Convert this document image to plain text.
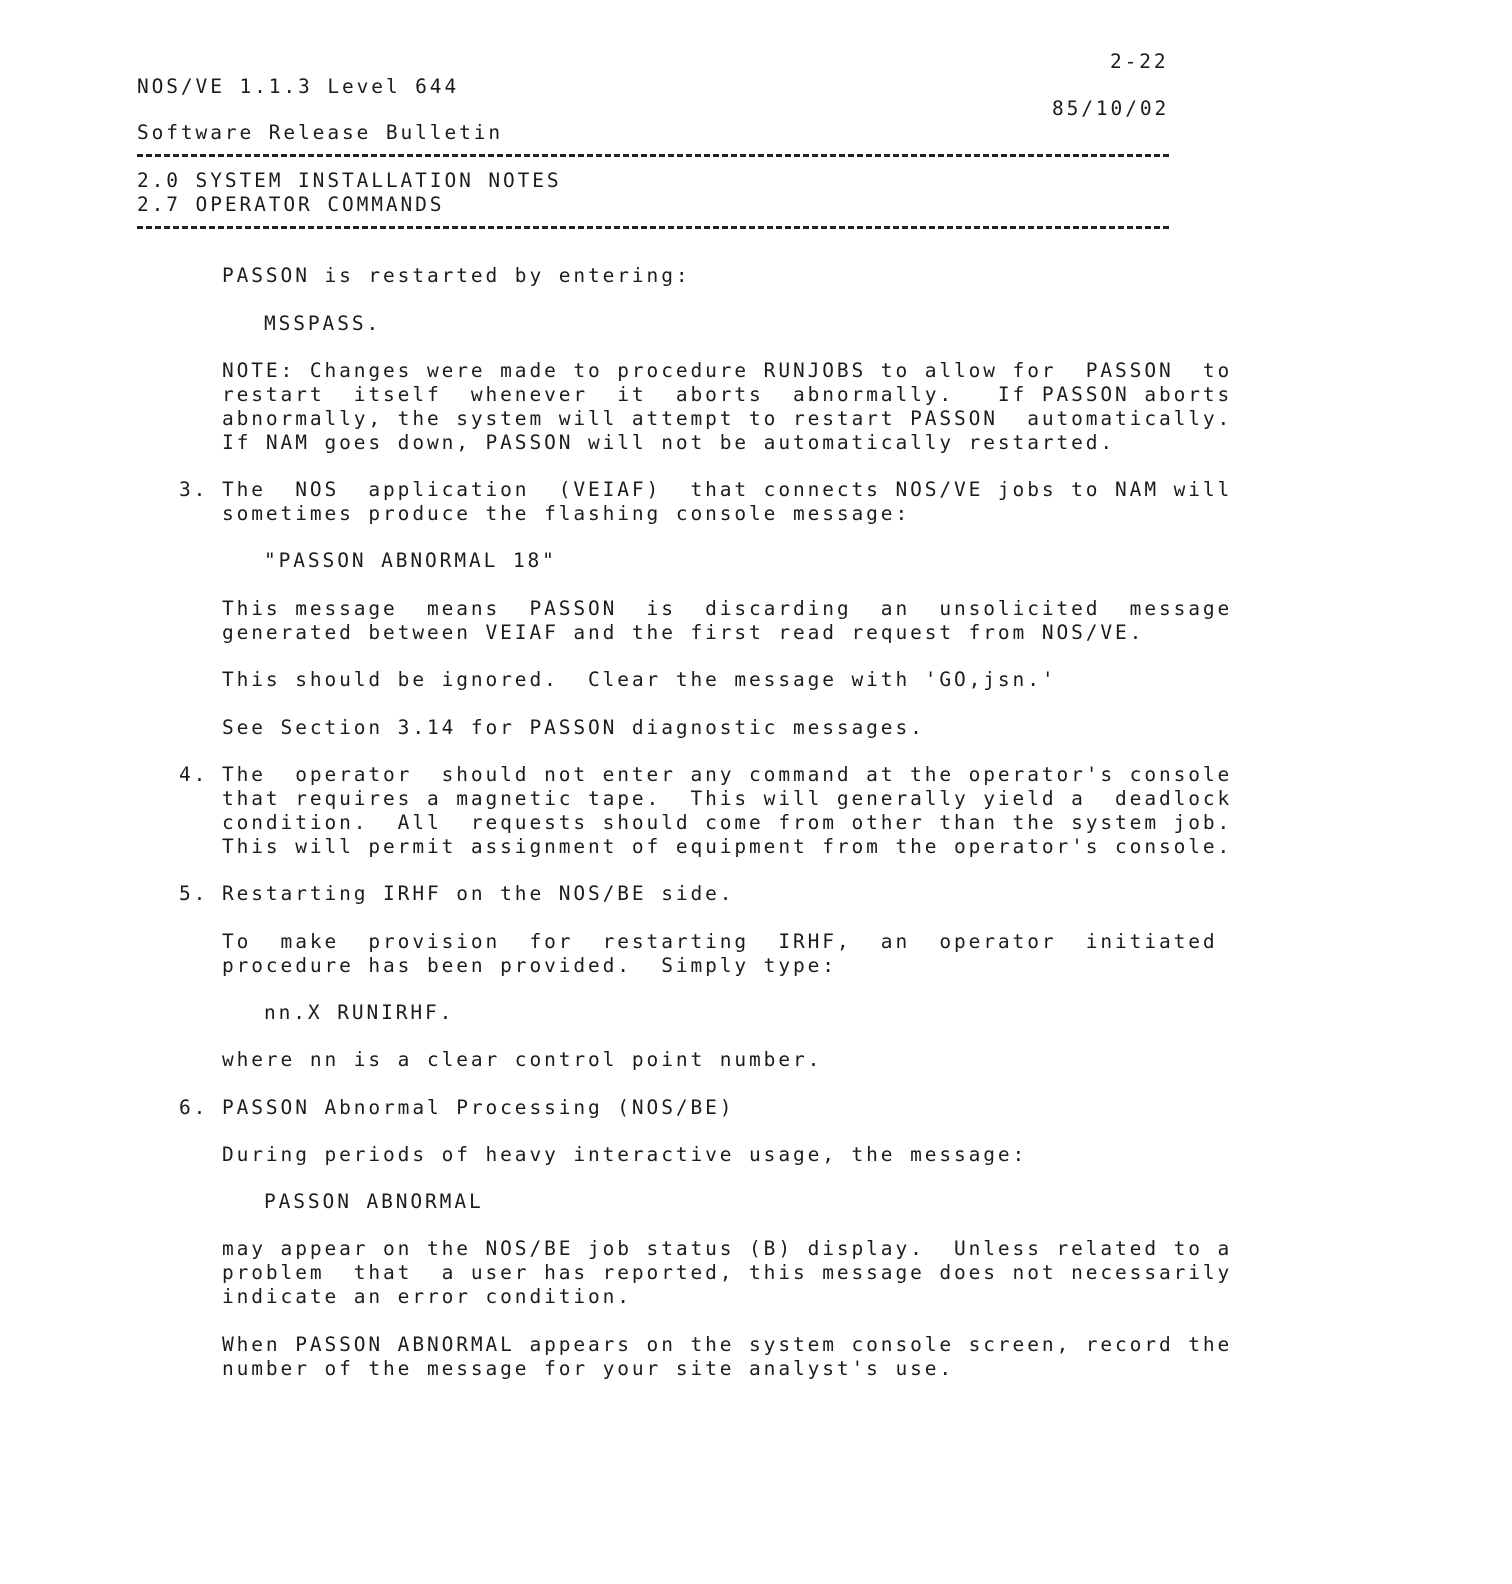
2-22
NOS/VE 1.1.3 Level 644
85/10/02
Software Release Bulletin
2.0 SYSTEM INSTALLATION NOTES
2.7 OPERATOR COMMANDS
PASSON is restarted by entering:
MSSPASS.
NOTE: Changes were made to procedure RUNJOBS to allow for  PASSON  to
restart  itself  whenever  it  aborts  abnormally.   If PASSON aborts
abnormally, the system will attempt to restart PASSON  automatically.
If NAM goes down, PASSON will not be automatically restarted.
3. The  NOS  application  (VEIAF)  that connects NOS/VE jobs to NAM will
sometimes produce the flashing console message:
"PASSON ABNORMAL 18"
This message  means  PASSON  is  discarding  an  unsolicited  message
generated between VEIAF and the first read request from NOS/VE.
This should be ignored.  Clear the message with 'GO,jsn.'
See Section 3.14 for PASSON diagnostic messages.
4. The  operator  should not enter any command at the operator's console
that requires a magnetic tape.  This will generally yield a  deadlock
condition.  All  requests should come from other than the system job.
This will permit assignment of equipment from the operator's console.
5. Restarting IRHF on the NOS/BE side.
To  make  provision  for  restarting  IRHF,  an  operator  initiated
procedure has been provided.  Simply type:
nn.X RUNIRHF.
where nn is a clear control point number.
6. PASSON Abnormal Processing (NOS/BE)
During periods of heavy interactive usage, the message:
PASSON ABNORMAL
may appear on the NOS/BE job status (B) display.  Unless related to a
problem  that  a user has reported, this message does not necessarily
indicate an error condition.
When PASSON ABNORMAL appears on the system console screen, record the
number of the message for your site analyst's use.
